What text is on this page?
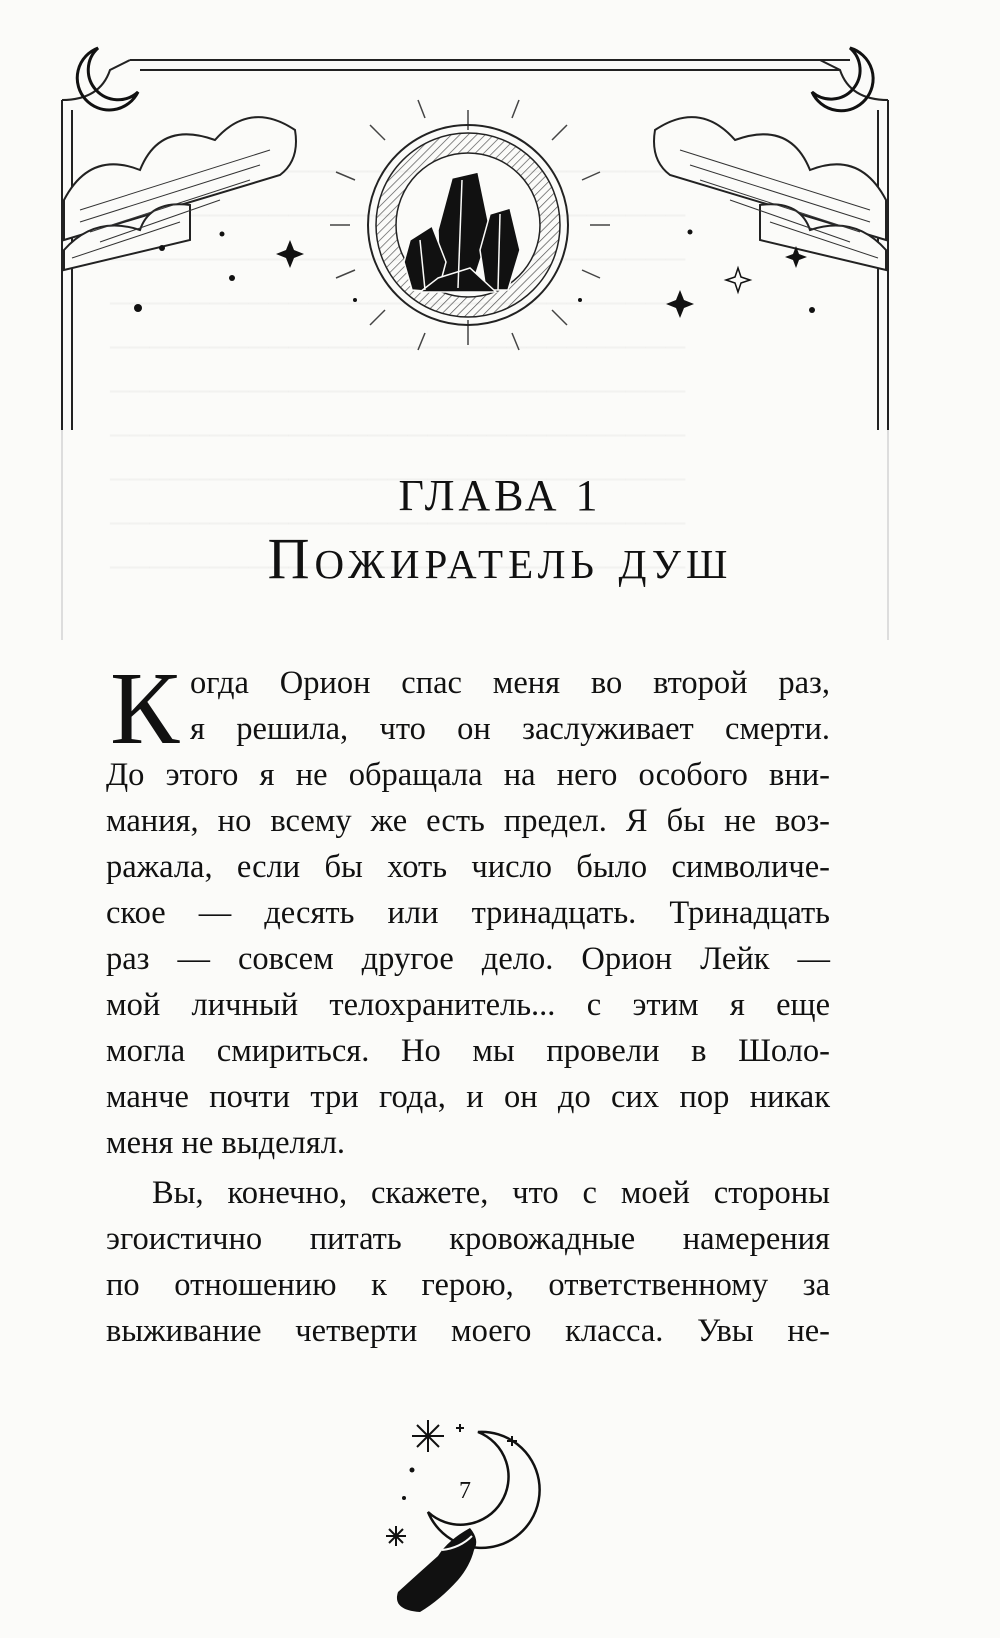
ГЛАВА 1
Пожиратель душ
К огда Орион спас меня во второй раз,
я решила, что он заслуживает смерти.
До этого я не обращала на него особого вни-
мания, но всему же есть предел. Я бы не воз-
ражала, если бы хоть число было символиче-
ское — десять или тринадцать. Тринадцать
раз — совсем другое дело. Орион Лейк —
мой личный телохранитель... с этим я еще
могла смириться. Но мы провели в Шоло-
манче почти три года, и он до сих пор никак
меня не выделял.
Вы, конечно, скажете, что с моей стороны
эгоистично питать кровожадные намерения
по отношению к герою, ответственному за
выживание четверти моего класса. Увы не-
7
